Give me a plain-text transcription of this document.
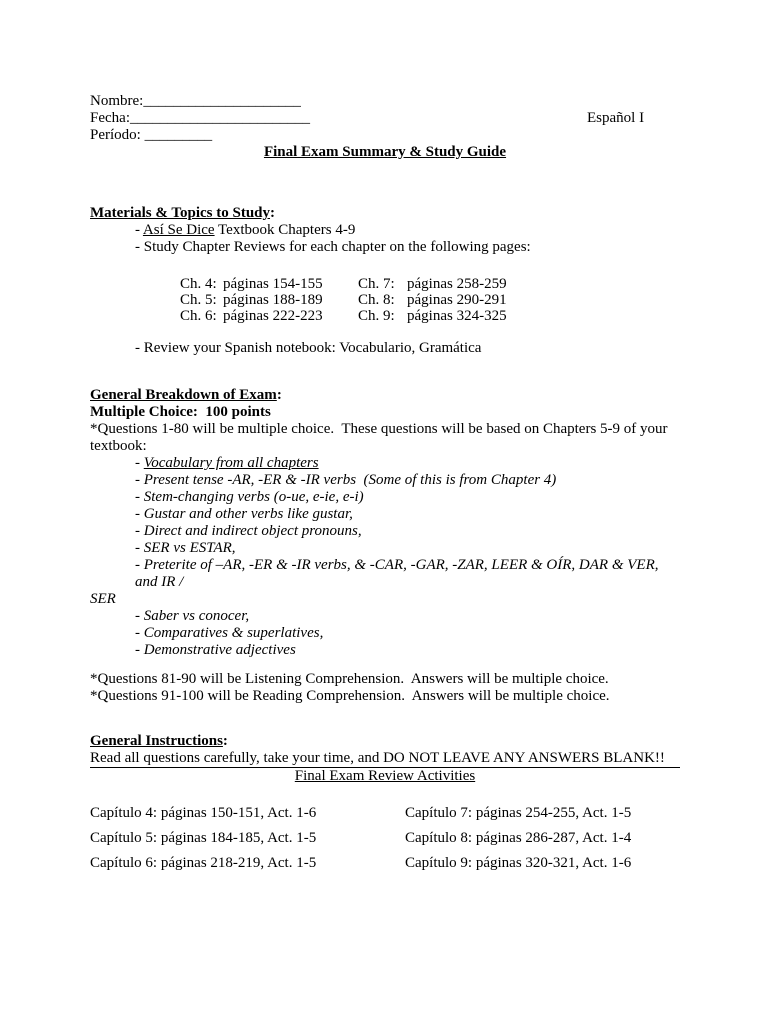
Nombre:_____________________
Fecha:________________________	Español I
Período: _________
Final Exam Summary & Study Guide
Materials & Topics to Study:
- Así Se Dice Textbook Chapters 4-9
- Study Chapter Reviews for each chapter on the following pages:
Ch. 4: páginas 154-155	Ch. 7: páginas 258-259
Ch. 5: páginas 188-189	Ch. 8: páginas 290-291
Ch. 6: páginas 222-223	Ch. 9: páginas 324-325
- Review your Spanish notebook: Vocabulario, Gramática
General Breakdown of Exam:
Multiple Choice:  100 points
*Questions 1-80 will be multiple choice.  These questions will be based on Chapters 5-9 of your
textbook:
- Vocabulary from all chapters
- Present tense -AR, -ER & -IR verbs  (Some of this is from Chapter 4)
- Stem-changing verbs (o-ue, e-ie, e-i)
- Gustar and other verbs like gustar,
- Direct and indirect object pronouns,
- SER vs ESTAR,
- Preterite of –AR, -ER & -IR verbs, & -CAR, -GAR, -ZAR, LEER & OÍR, DAR & VER, and IR /
SER
- Saber vs conocer,
- Comparatives & superlatives,
- Demonstrative adjectives
*Questions 81-90 will be Listening Comprehension.  Answers will be multiple choice.
*Questions 91-100 will be Reading Comprehension.  Answers will be multiple choice.
General Instructions:
Read all questions carefully, take your time, and DO NOT LEAVE ANY ANSWERS BLANK!!
Final Exam Review Activities
Capítulo 4: páginas 150-151, Act. 1-6	Capítulo 7: páginas 254-255, Act. 1-5
Capítulo 5: páginas 184-185, Act. 1-5	Capítulo 8: páginas 286-287, Act. 1-4
Capítulo 6: páginas 218-219, Act. 1-5	Capítulo 9: páginas 320-321, Act. 1-6
